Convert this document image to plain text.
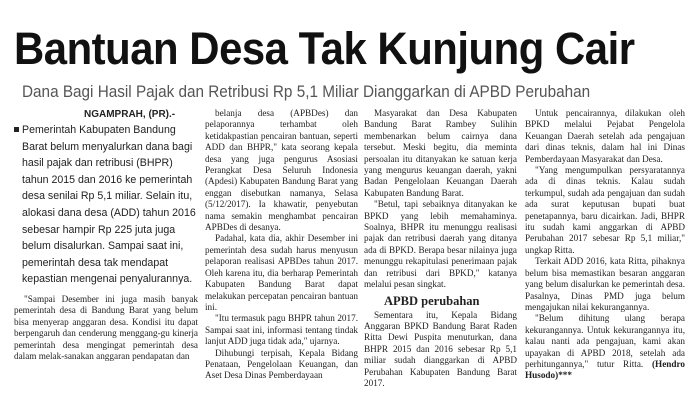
Bantuan Desa Tak Kunjung Cair
Dana Bagi Hasil Pajak dan Retribusi Rp 5,1 Miliar Dianggarkan di APBD Perubahan
NGAMPRAH, (PR).-

Pemerintah Kabupaten Bandung Barat belum menyalurkan dana bagi hasil pajak dan retribusi (BHPR) tahun 2015 dan 2016 ke pemerintah desa senilai Rp 5,1 miliar. Selain itu, alokasi dana desa (ADD) tahun 2016 sebesar hampir Rp 225 juta juga belum disalurkan. Sampai saat ini, pemerintah desa tak mendapat kepastian mengenai penyalurannya.

"Sampai Desember ini juga masih banyak pemerintah desa di Bandung Barat yang belum bisa menyerap anggaran desa. Kondisi itu dapat berpengaruh dan cenderung menggang-gu kinerja pemerintah desa mengingat pemerintah desa dalam melak-sanakan anggaran pendapatan dan

belanja desa (APBDes) dan pelaporannya terhambat oleh ketidakpastian pencairan bantuan, seperti ADD dan BHPR," kata seorang kepala desa yang juga pengurus Asosiasi Perangkat Desa Seluruh Indonesia (Apdesi) Kabupaten Bandung Barat yang enggan disebutkan namanya, Selasa (5/12/2017). Ia khawatir, penyebutan nama semakin menghambat pencairan APBDes di desanya.

Padahal, kata dia, akhir Desember ini pemerintah desa sudah harus menyusun pelaporan realisasi APBDes tahun 2017. Oleh karena itu, dia berharap Pemerintah Kabupaten Bandung Barat dapat melakukan percepatan pencairan bantuan ini.

"Itu termasuk pagu BHPR tahun 2017. Sampai saat ini, informasi tentang tindak lanjut ADD juga tidak ada," ujarnya.

Dihubungi terpisah, Kepala Bidang Penataan, Pengelolaan Keuangan, dan Aset Desa Dinas Pemberdayaan

Masyarakat dan Desa Kabupaten Bandung Barat Rambey Sulihin membenarkan belum cairnya dana tersebut. Meski begitu, dia meminta persoalan itu ditanyakan ke satuan kerja yang mengurus keuangan daerah, yakni Badan Pengelolaan Keuangan Daerah Kabupaten Bandung Barat.

"Betul, tapi sebaiknya ditanyakan ke BPKD yang lebih memahaminya. Soalnya, BHPR itu menunggu realisasi pajak dan retribusi daerah yang ditanya ada di BPKD. Berapa besar nilainya juga menunggu rekapitulasi penerimaan pajak dan retribusi dari BPKD," katanya melalui pesan singkat.

APBD perubahan

Sementara itu, Kepala Bidang Anggaran BPKD Bandung Barat Raden Ritta Dewi Puspita menuturkan, dana BHPR 2015 dan 2016 sebesar Rp 5,1 miliar sudah dianggarkan di APBD Perubahan Kabupaten Bandung Barat 2017.

Untuk pencairannya, dilakukan oleh BPKD melalui Pejabat Pengelola Keuangan Daerah setelah ada pengajuan dari dinas teknis, dalam hal ini Dinas Pemberdayaan Masyarakat dan Desa.

"Yang mengumpulkan persyaratannya ada di dinas teknis. Kalau sudah terkumpul, sudah ada pengajuan dan sudah ada surat keputusan bupati buat penetapannya, baru dicairkan. Jadi, BHPR itu sudah kami anggarkan di APBD Perubahan 2017 sebesar Rp 5,1 miliar," ungkap Ritta.

Terkait ADD 2016, kata Ritta, pihaknya belum bisa memastikan besaran anggaran yang belum disalurkan ke pemerintah desa. Pasalnya, Dinas PMD juga belum mengajukan nilai kekurangannya.

"Belum dihitung ulang berapa kekurangannya. Untuk kekurangannya itu, kalau nanti ada pengajuan, kami akan upayakan di APBD 2018, setelah ada perhitungannya," tutur Ritta. (Hendro Husodo)***
